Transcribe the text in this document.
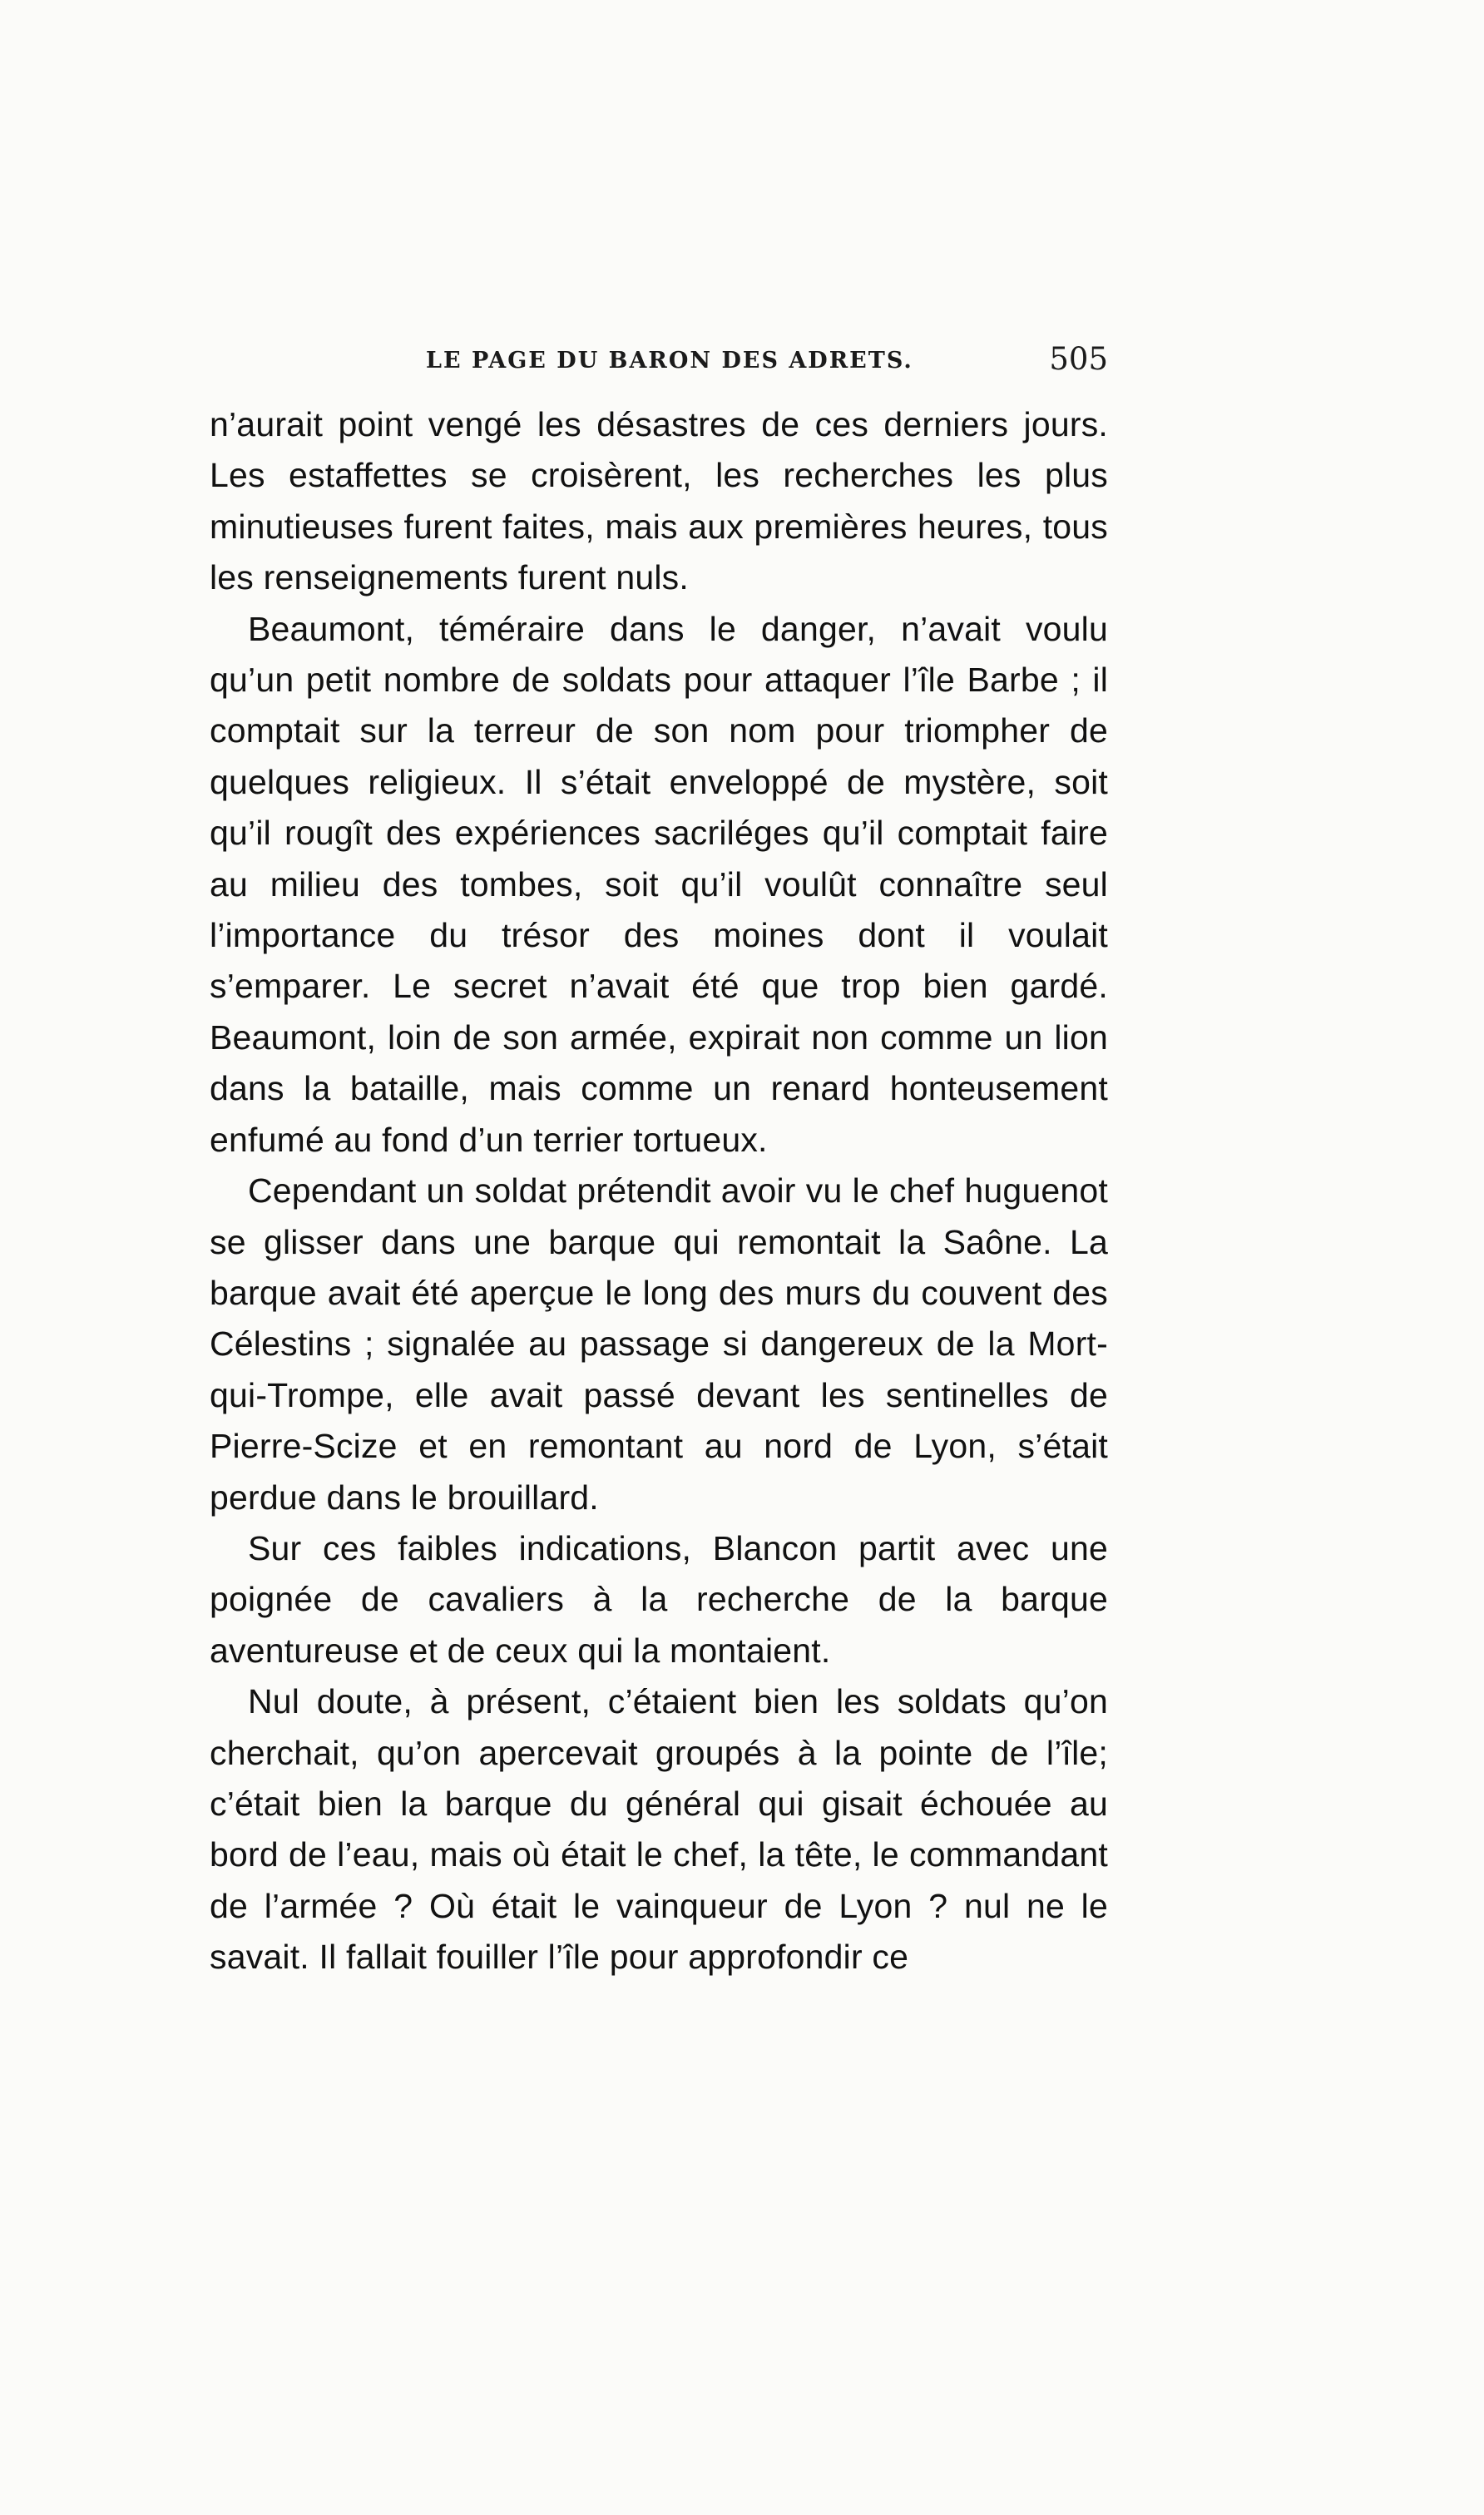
LE PAGE DU BARON DES ADRETS.	505

n’aurait point vengé les désastres de ces derniers jours. Les estaffettes se croisèrent, les recherches les plus minutieuses furent faites, mais aux premières heures, tous les renseignements furent nuls.

Beaumont, téméraire dans le danger, n’avait voulu qu’un petit nombre de soldats pour attaquer l’île Barbe ; il comptait sur la terreur de son nom pour triompher de quelques religieux. Il s’était enveloppé de mystère, soit qu’il rougît des expériences sacriléges qu’il comptait faire au milieu des tombes, soit qu’il voulût connaître seul l’importance du trésor des moines dont il voulait s’emparer. Le secret n’avait été que trop bien gardé. Beaumont, loin de son armée, expirait non comme un lion dans la bataille, mais comme un renard honteusement enfumé au fond d’un terrier tortueux.

Cependant un soldat prétendit avoir vu le chef huguenot se glisser dans une barque qui remontait la Saône. La barque avait été aperçue le long des murs du couvent des Célestins ; signalée au passage si dangereux de la Mort-qui-Trompe, elle avait passé devant les sentinelles de Pierre-Scize et en remontant au nord de Lyon, s’était perdue dans le brouillard.

Sur ces faibles indications, Blancon partit avec une poignée de cavaliers à la recherche de la barque aventureuse et de ceux qui la montaient.

Nul doute, à présent, c’étaient bien les soldats qu’on cherchait, qu’on apercevait groupés à la pointe de l’île; c’était bien la barque du général qui gisait échouée au bord de l’eau, mais où était le chef, la tête, le commandant de l’armée ? Où était le vainqueur de Lyon ? nul ne le savait. Il fallait fouiller l’île pour approfondir ce
